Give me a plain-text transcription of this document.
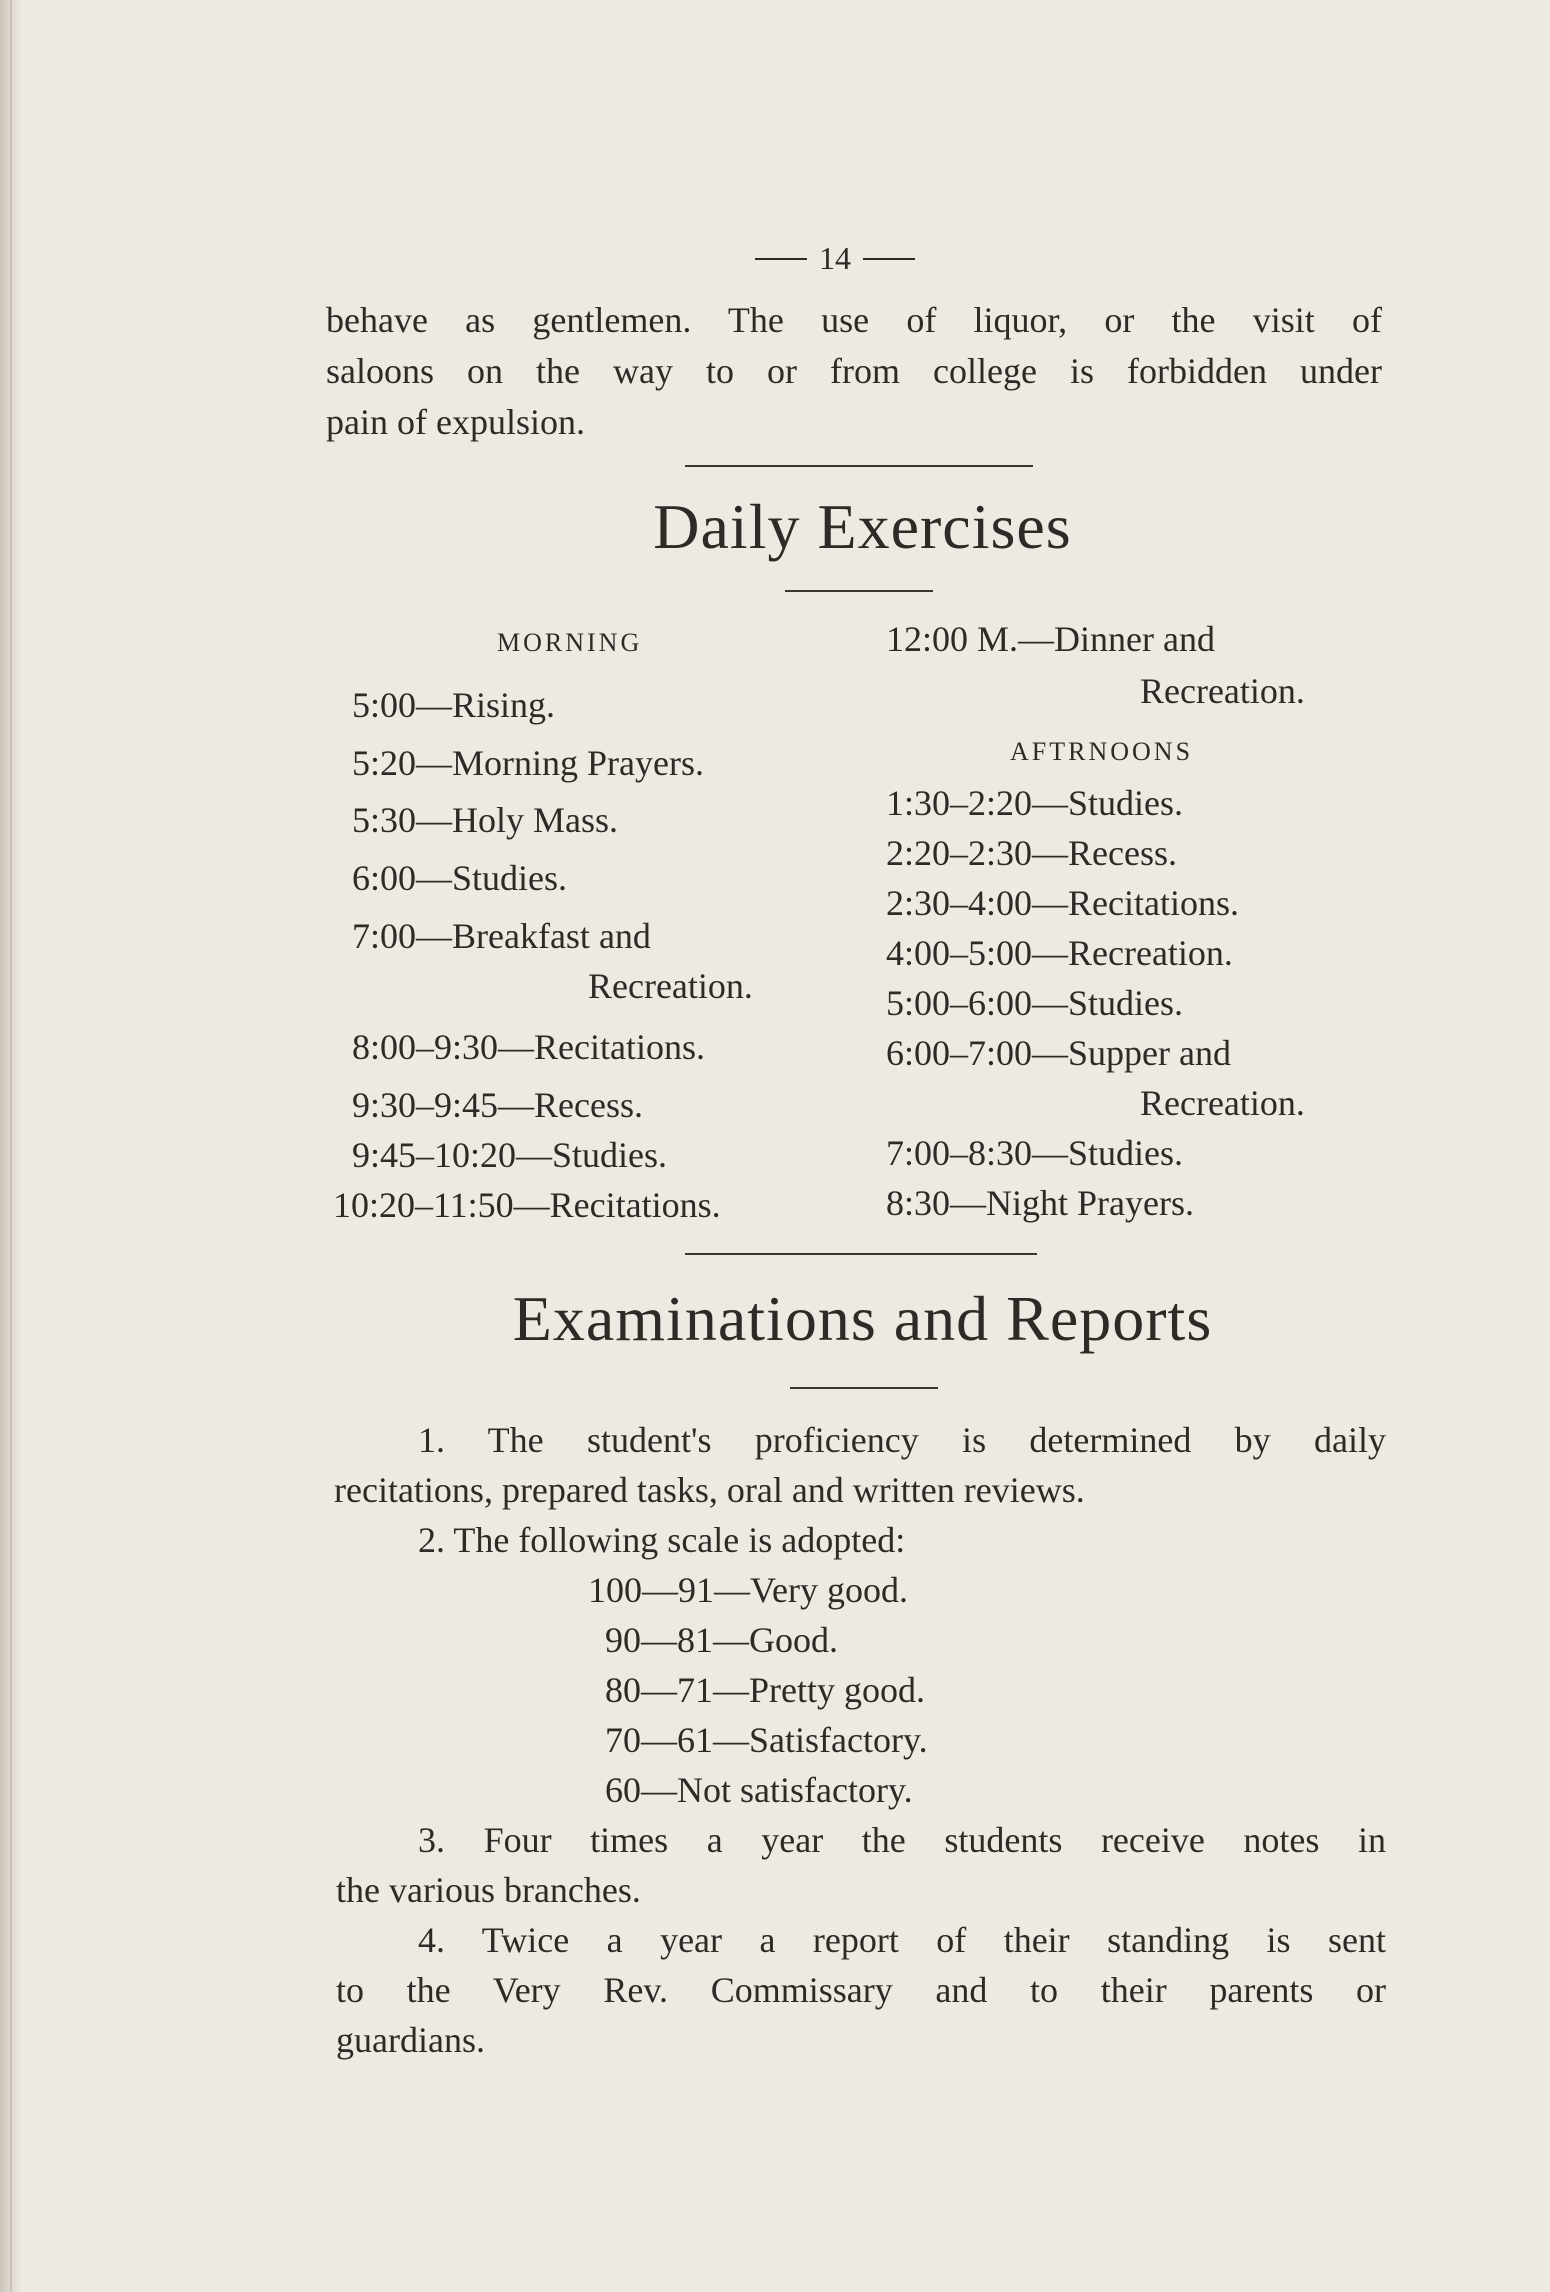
14
behave as gentlemen. The use of liquor, or the visit of
saloons on the way to or from college is forbidden under
pain of expulsion.
Daily Exercises
MORNING
5:00—Rising.
5:20—Morning Prayers.
5:30—Holy Mass.
6:00—Studies.
7:00—Breakfast and
Recreation.
8:00–9:30—Recitations.
9:30–9:45—Recess.
9:45–10:20—Studies.
10:20–11:50—Recitations.
12:00 M.—Dinner and
Recreation.
AFTRNOONS
1:30–2:20—Studies.
2:20–2:30—Recess.
2:30–4:00—Recitations.
4:00–5:00—Recreation.
5:00–6:00—Studies.
6:00–7:00—Supper and
Recreation.
7:00–8:30—Studies.
8:30—Night Prayers.
Examinations and Reports
1. The student's proficiency is determined by daily
recitations, prepared tasks, oral and written reviews.
2. The following scale is adopted:
100—91—Very good.
90—81—Good.
80—71—Pretty good.
70—61—Satisfactory.
60—Not satisfactory.
3. Four times a year the students receive notes in
the various branches.
4. Twice a year a report of their standing is sent
to the Very Rev. Commissary and to their parents or
guardians.
